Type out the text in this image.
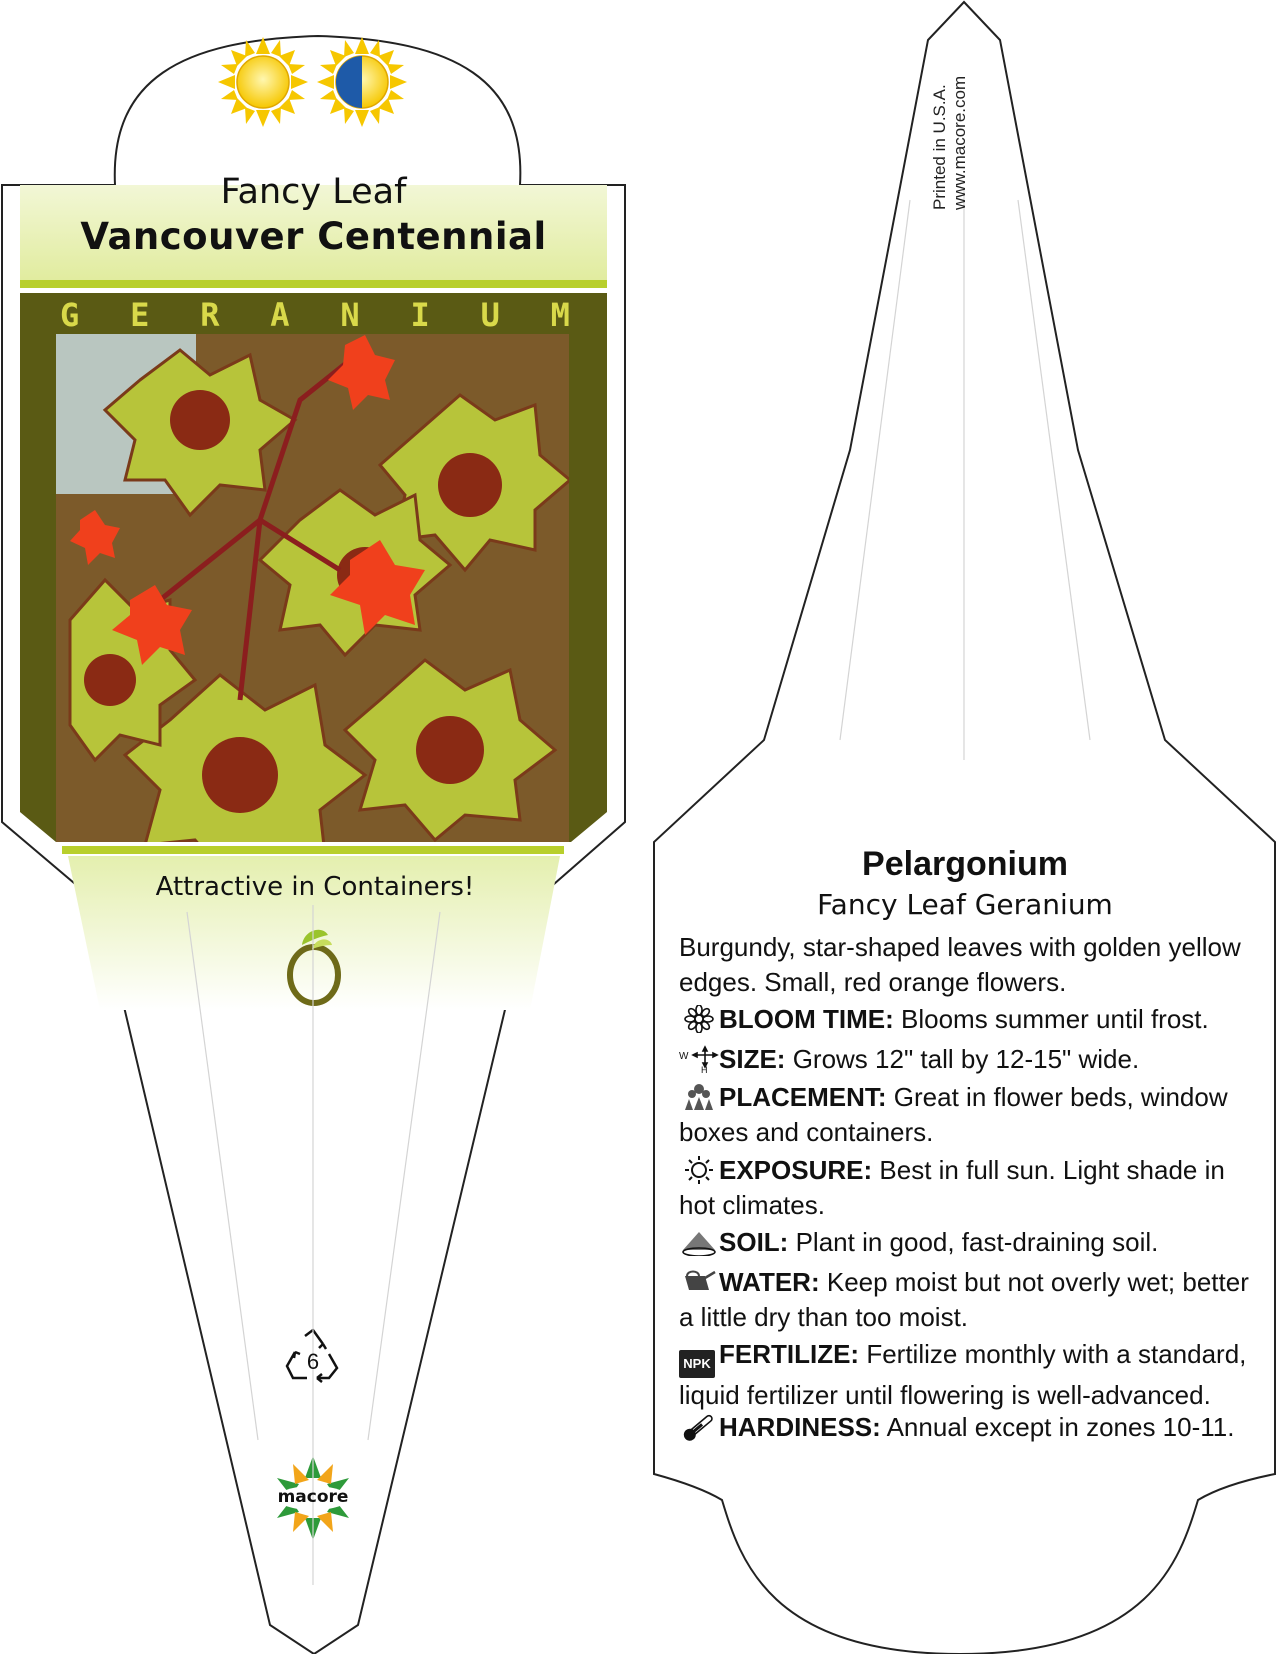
Fancy Leaf
Vancouver Centennial
G E R A N I U M
Attractive in Containers!
6
macore
Printed in U.S.A. www.macore.com
Pelargonium
Fancy Leaf Geranium
Burgundy, star-shaped leaves with golden yellow edges. Small, red orange flowers.
BLOOM TIME: Blooms summer until frost.
W
H SIZE: Grows 12" tall by 12-15" wide.
PLACEMENT: Great in flower beds, window boxes and containers.
EXPOSURE: Best in full sun. Light shade in hot climates.
SOIL: Plant in good, fast-draining soil.
WATER: Keep moist but not overly wet; better a little dry than too moist.
NPK FERTILIZE: Fertilize monthly with a standard, liquid fertilizer until flowering is well-advanced.
HARDINESS: Annual except in zones 10-11.
